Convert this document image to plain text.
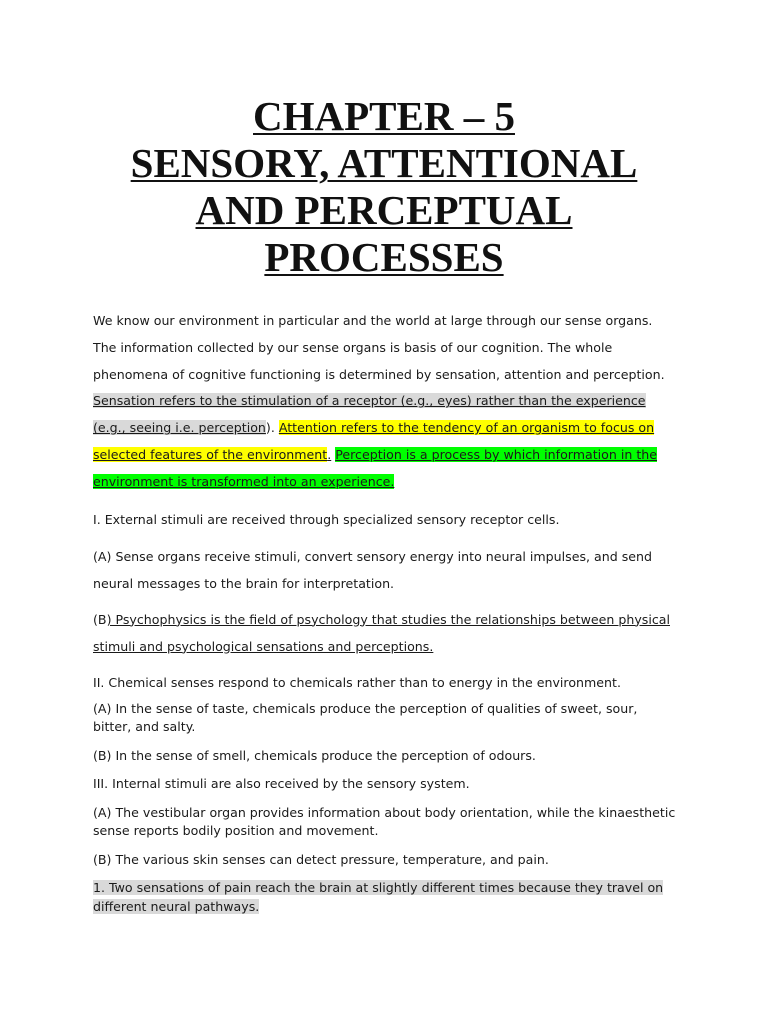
CHAPTER – 5
SENSORY, ATTENTIONAL
AND PERCEPTUAL
PROCESSES

We know our environment in particular and the world at large through our sense organs. The information collected by our sense organs is basis of our cognition. The whole phenomena of cognitive functioning is determined by sensation, attention and perception. Sensation refers to the stimulation of a receptor (e.g., eyes) rather than the experience (e.g., seeing i.e. perception). Attention refers to the tendency of an organism to focus on selected features of the environment. Perception is a process by which information in the environment is transformed into an experience.

I. External stimuli are received through specialized sensory receptor cells.

(A) Sense organs receive stimuli, convert sensory energy into neural impulses, and send neural messages to the brain for interpretation.

(B) Psychophysics is the field of psychology that studies the relationships between physical stimuli and psychological sensations and perceptions.

II. Chemical senses respond to chemicals rather than to energy in the environment.

(A) In the sense of taste, chemicals produce the perception of qualities of sweet, sour, bitter, and salty.

(B) In the sense of smell, chemicals produce the perception of odours.

III. Internal stimuli are also received by the sensory system.

(A) The vestibular organ provides information about body orientation, while the kinaesthetic sense reports bodily position and movement.

(B) The various skin senses can detect pressure, temperature, and pain.

1. Two sensations of pain reach the brain at slightly different times because they travel on different neural pathways.
